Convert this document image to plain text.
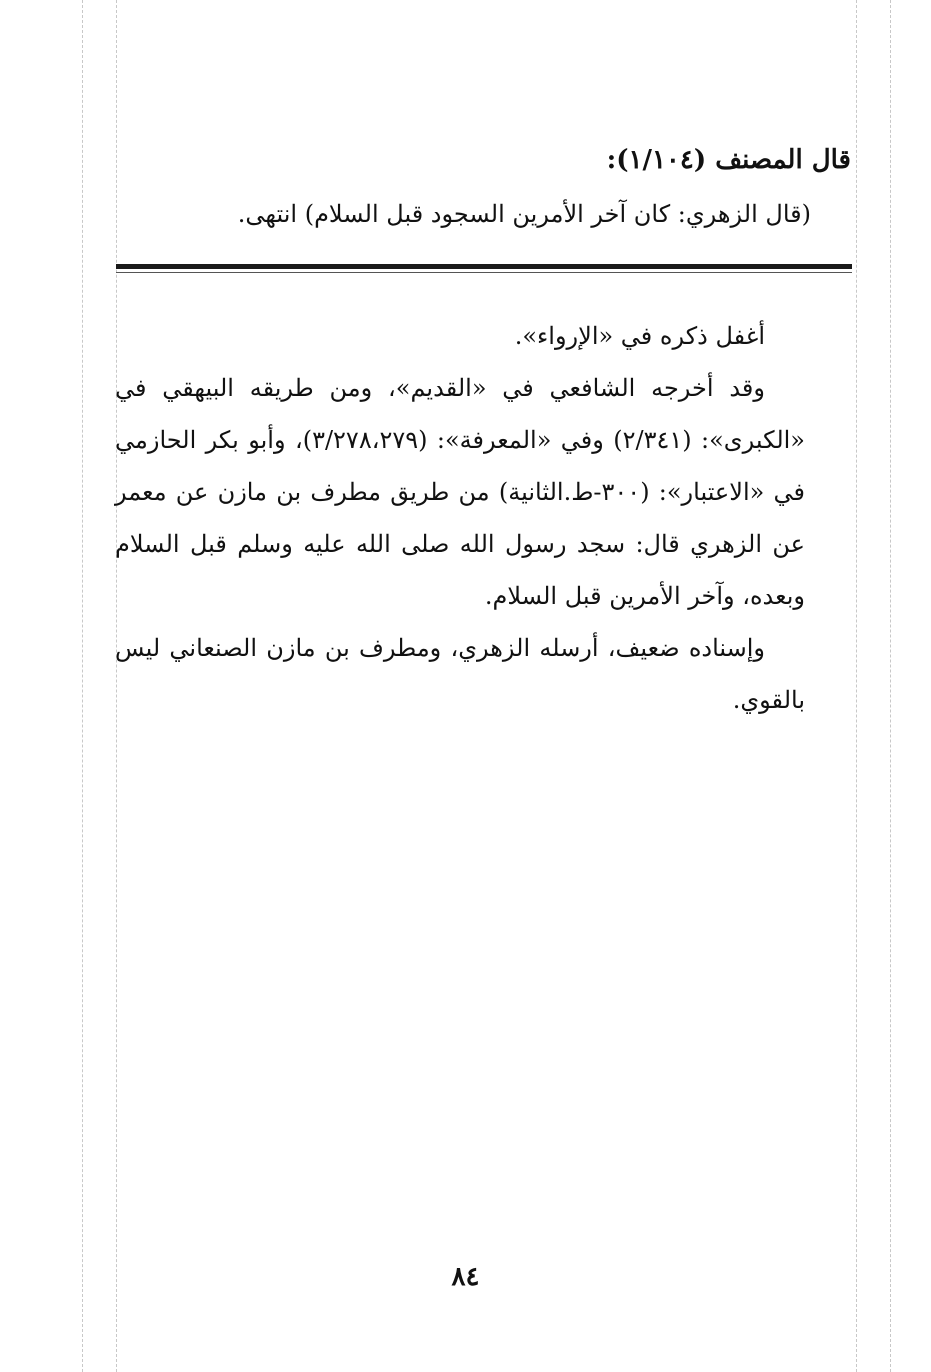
قال المصنف (١/١٠٤):

(قال الزهري: كان آخر الأمرين السجود قبل السلام) انتهى.

أغفل ذكره في «الإرواء».

وقد أخرجه الشافعي في «القديم»، ومن طريقه البيهقي في «الكبرى»: (٢/٣٤١) وفي «المعرفة»: (٣/٢٧٨،٢٧٩)، وأبو بكر الحازمي في «الاعتبار»: (٣٠٠-ط.الثانية) من طريق مطرف بن مازن عن معمر عن الزهري قال: سجد رسول الله صلى الله عليه وسلم قبل السلام وبعده، وآخر الأمرين قبل السلام.

وإسناده ضعيف، أرسله الزهري، ومطرف بن مازن الصنعاني ليس بالقوي.

٨٤
